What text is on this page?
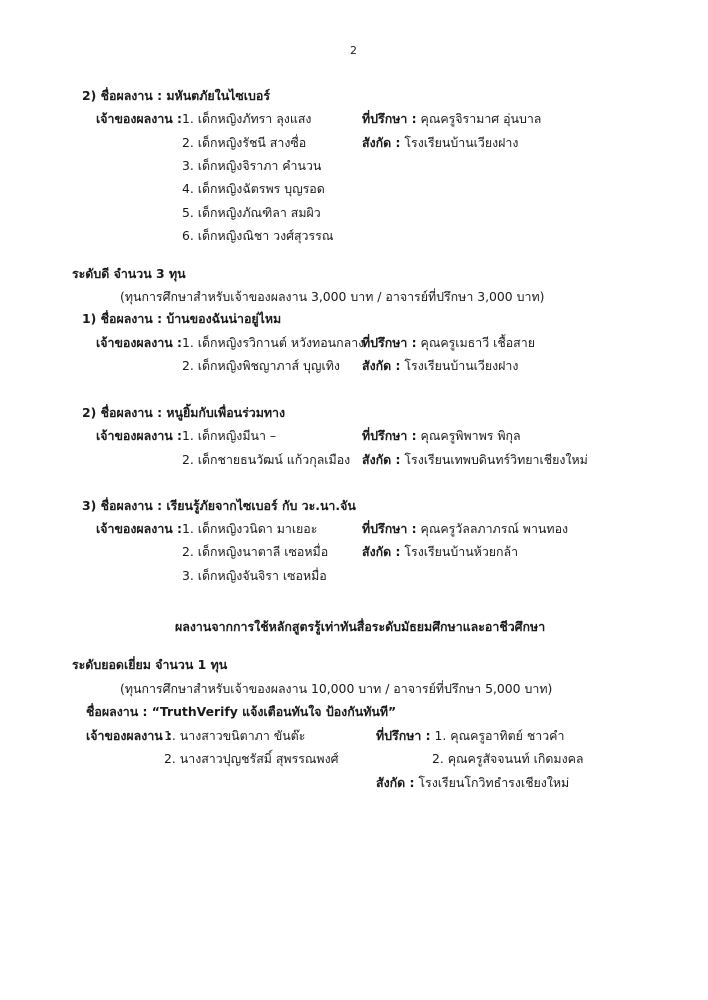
2
2) ชื่อผลงาน : มหันตภัยในไซเบอร์
เจ้าของผลงาน : 1. เด็กหญิงภัทรา ลุงแสง
2. เด็กหญิงรัชนี สางซื่อ
3. เด็กหญิงจิราภา คำนวน
4. เด็กหญิงฉัตรพร บุญรอด
5. เด็กหญิงภัณฑิลา สมผิว
6. เด็กหญิงณิชา วงศ์สุวรรณ
ที่ปรึกษา : คุณครูจิรามาศ อุ่นบาล
สังกัด : โรงเรียนบ้านเวียงฝาง
ระดับดี จำนวน 3 ทุน
(ทุนการศึกษาสำหรับเจ้าของผลงาน 3,000 บาท / อาจารย์ที่ปรึกษา 3,000 บาท)
1) ชื่อผลงาน : บ้านของฉันน่าอยู่ไหม
เจ้าของผลงาน : 1. เด็กหญิงรวิกานต์ หวังทอนกลาง
2. เด็กหญิงพิชญาภาส์ บุญเทิง
ที่ปรึกษา : คุณครูเมธาวี เชื้อสาย
สังกัด : โรงเรียนบ้านเวียงฝาง
2) ชื่อผลงาน : หนูยิ้มกับเพื่อนร่วมทาง
เจ้าของผลงาน : 1. เด็กหญิงมีนา –
2. เด็กชายธนวัฒน์ แก้วกุลเมือง
ที่ปรึกษา : คุณครูพิพาพร พิกุล
สังกัด : โรงเรียนเทพบดินทร์วิทยาเชียงใหม่
3) ชื่อผลงาน : เรียนรู้ภัยจากไซเบอร์ กับ วะ.นา.จัน
เจ้าของผลงาน : 1. เด็กหญิงวนิดา มาเยอะ
2. เด็กหญิงนาตาลี เซอหมื่อ
3. เด็กหญิงจันจิรา เซอหมื่อ
ที่ปรึกษา : คุณครูวัลลภาภรณ์ พานทอง
สังกัด : โรงเรียนบ้านห้วยกล้า
ผลงานจากการใช้หลักสูตรรู้เท่าทันสื่อระดับมัธยมศึกษาและอาชีวศึกษา
ระดับยอดเยี่ยม จำนวน 1 ทุน
(ทุนการศึกษาสำหรับเจ้าของผลงาน 10,000 บาท / อาจารย์ที่ปรึกษา 5,000 บาท)
ชื่อผลงาน : “TruthVerify แจ้งเตือนทันใจ ป้องกันทันที”
เจ้าของผลงาน :
1. นางสาวขนิตาภา ขันต๊ะ
2. นางสาวปุญชรัสมิ์ สุพรรณพงศ์
ที่ปรึกษา : 1. คุณครูอาทิตย์ ชาวคำ
2. คุณครูสัจจนนท์ เกิดมงคล
สังกัด : โรงเรียนโกวิทธำรงเชียงใหม่
